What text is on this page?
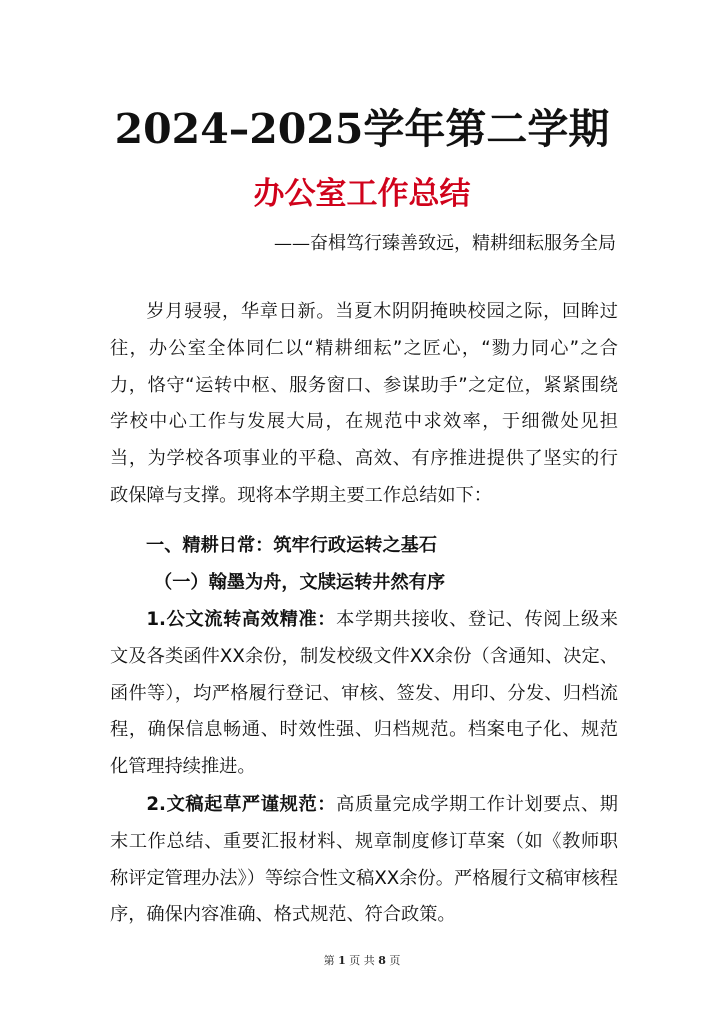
2024–2025学年第二学期
办公室工作总结
——奋楫笃行臻善致远，精耕细耘服务全局

岁月骎骎，华章日新。当夏木阴阴掩映校园之际，回眸过往，办公室全体同仁以“精耕细耘”之匠心，“勠力同心”之合力，恪守“运转中枢、服务窗口、参谋助手”之定位，紧紧围绕学校中心工作与发展大局，在规范中求效率，于细微处见担当，为学校各项事业的平稳、高效、有序推进提供了坚实的行政保障与支撑。现将本学期主要工作总结如下：

一、精耕日常：筑牢行政运转之基石
（一）翰墨为舟，文牍运转井然有序

1.公文流转高效精准：本学期共接收、登记、传阅上级来文及各类函件XX余份，制发校级文件XX余份（含通知、决定、函件等），均严格履行登记、审核、签发、用印、分发、归档流程，确保信息畅通、时效性强、归档规范。档案电子化、规范化管理持续推进。

2.文稿起草严谨规范：高质量完成学期工作计划要点、期末工作总结、重要汇报材料、规章制度修订草案（如《教师职称评定管理办法》）等综合性文稿XX余份。严格履行文稿审核程序，确保内容准确、格式规范、符合政策。

第 1 页 共 8 页
